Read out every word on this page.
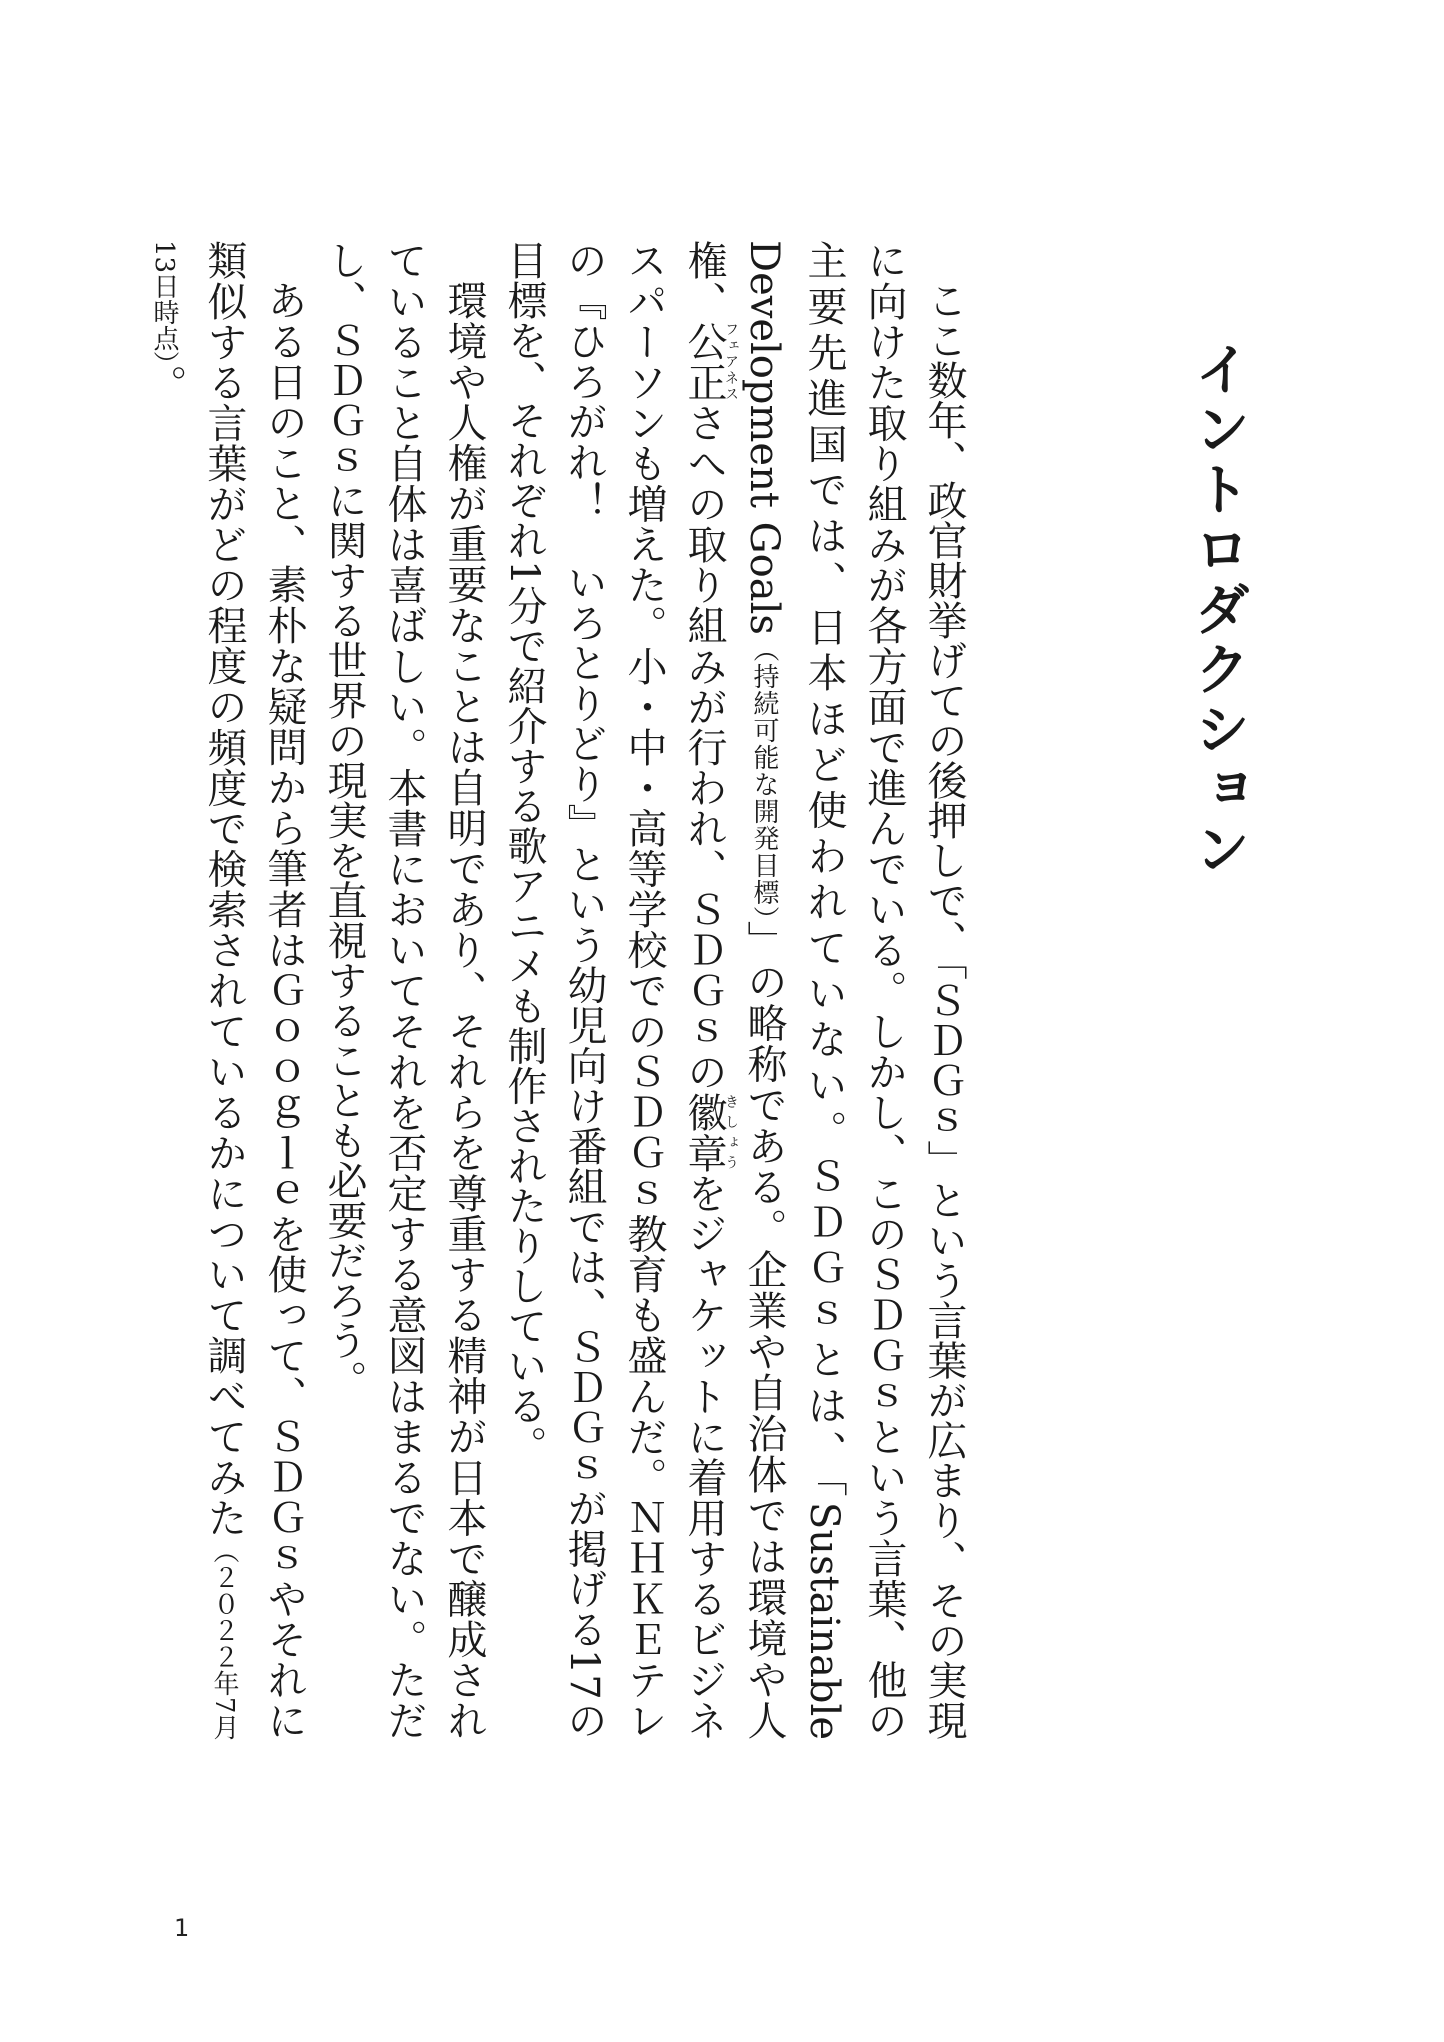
イントロダクション

ここ数年、政官財挙げての後押しで、「ＳＤＧｓ」という言葉が広まり、その実現に向けた取り組みが各方面で進んでいる。しかし、このＳＤＧｓという言葉、他の主要先進国では、日本ほど使われていない。ＳＤＧｓとは、「Sustainable Development Goals（持続可能な開発目標）」の略称である。企業や自治体では環境や人権、公正フェアネスさへの取り組みが行われ、ＳＤＧｓの徽章きしょうをジャケットに着用するビジネスパーソンも増えた。小・中・高等学校でのＳＤＧｓ教育も盛んだ。ＮＨＫＥテレの『ひろがれ！　いろとりどり』という幼児向け番組では、ＳＤＧｓが掲げる17の目標を、それぞれ1分で紹介する歌アニメも制作されたりしている。

環境や人権が重要なことは自明であり、それらを尊重する精神が日本で醸成されていること自体は喜ばしい。本書においてそれを否定する意図はまるでない。ただし、ＳＤＧｓに関する世界の現実を直視することも必要だろう。

ある日のこと、素朴な疑問から筆者はＧｏｏｇｌｅを使って、ＳＤＧｓやそれに類似する言葉がどの程度の頻度で検索されているかについて調べてみた（２０２２年7月13日時点）。

1
